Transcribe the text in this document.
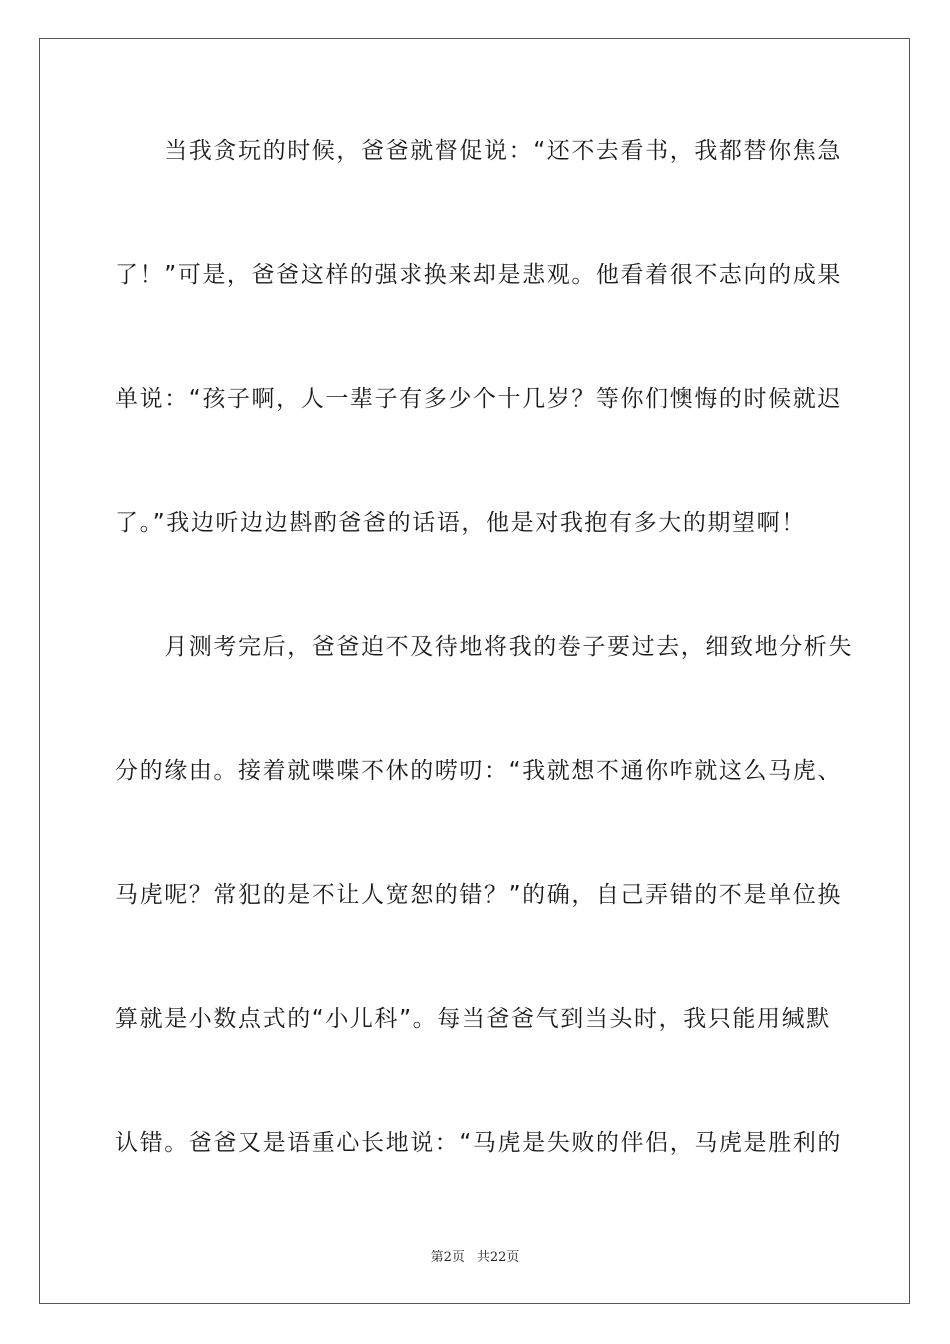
　　当我贪玩的时候，爸爸就督促说：“还不去看书，我都替你焦急

了！”可是，爸爸这样的强求换来却是悲观。他看着很不志向的成果

单说：“孩子啊，人一辈子有多少个十几岁？等你们懊悔的时候就迟

了。”我边听边边斟酌爸爸的话语，他是对我抱有多大的期望啊！

　　月测考完后，爸爸迫不及待地将我的卷子要过去，细致地分析失

分的缘由。接着就喋喋不休的唠叨：“我就想不通你咋就这么马虎、

马虎呢？常犯的是不让人宽恕的错？”的确，自己弄错的不是单位换

算就是小数点式的“小儿科”。每当爸爸气到当头时，我只能用缄默

认错。爸爸又是语重心长地说：“马虎是失败的伴侣，马虎是胜利的

第2页 共22页
